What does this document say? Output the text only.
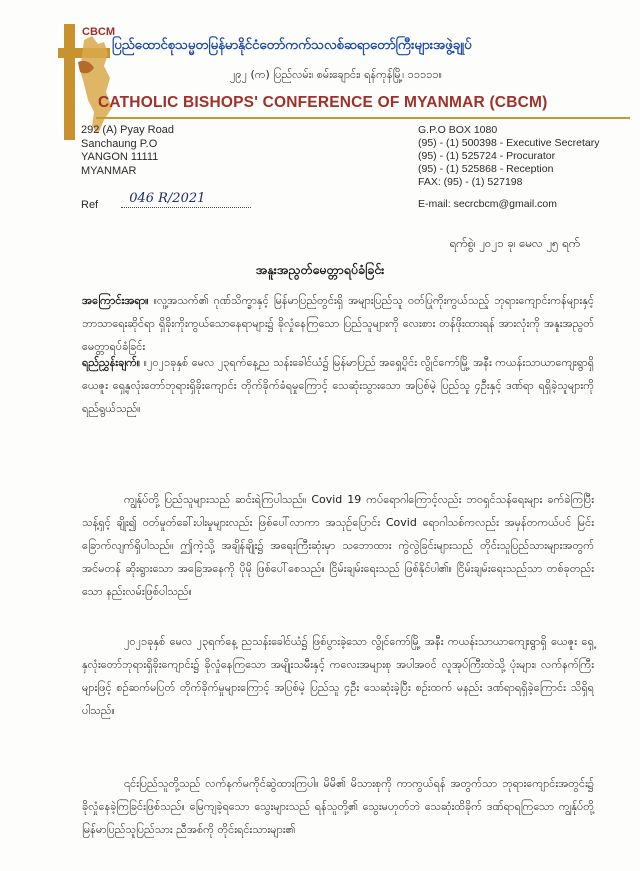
CBCM
ပြည်ထောင်စုသမ္မတမြန်မာနိုင်ငံတော်ကက်သလစ်ဆရာတော်ကြီးများအဖွဲ့ချုပ်
၂၉၂ (က) ပြည်လမ်း၊ စမ်းချောင်း၊ ရန်ကုန်မြို့၊ ၁၁၁၁၁။
CATHOLIC BISHOPS' CONFERENCE OF MYANMAR (CBCM)
292 (A) Pyay Road
Sanchaung P.O
YANGON 11111
MYANMAR
G.P.O BOX 1080
(95) - (1) 500398 - Executive Secretary
(95) - (1) 525724 - Procurator
(95) - (1) 525868 - Reception
FAX: (95) - (1) 527198
Ref 046 R/2021	E-mail: secrcbcm@gmail.com
ရက်စွဲ၊ ၂၀၂၁ ခု၊ မေလ ၂၅ ရက်
အနူးအညွတ်မေတ္တာရပ်ခံခြင်း
အကြောင်းအရာ။ ။လူ့အသက်၏ ဂုဏ်သိက္ခာနှင့် မြန်မာပြည်တွင်းရှိ အများပြည်သူ ဝတ်ပြုကိုးကွယ်သည့် ဘုရားကျောင်းကန်များနှင့် ဘာသာရေးဆိုင်ရာ ရှိခိုးကိုးကွယ်သောနေရာများ၌ ခိုလှုံနေကြသော ပြည်သူများကို လေးစား တန်ဖိုးထားရန် အားလုံးကို အနူးအညွတ် မေတ္တာရပ်ခံခြင်း
ရည်ညွှန်းချက်။ ။၂၀၂၁ခုနှစ် မေလ ၂၃ရက်နေ့ည သန်းခေါင်ယံ၌ မြန်မာပြည် အရှေ့ပိုင်း လွိုင်ကော်မြို့ အနီး ကယန်းသာယာကျေးရွာရှိ ယေဇူး ရှေ့နှလုံးတော်ဘုရားရှိခိုးကျောင်း တိုက်ခိုက်ခံရမှုကြောင့် သေဆုံးသွားသော အပြစ်မဲ့ ပြည်သူ ၄ဦးနှင့် ဒဏ်ရာ ရရှိခဲ့သူများကို ရည်ရွယ်သည်။
ကျွန်ုပ်တို့ ပြည်သူများသည် ဆင်းရဲကြပါသည်။ Covid 19 ကပ်ရောဂါကြောင့်လည်း ဘဝရှင်သန်ရေးများ ခက်ခဲကြပြီး သန့်ရှင့် ချိုး၍ ဝတ်မှုတ်ခေါ်းပါးမှုများလည်း ဖြစ်ပေါ်လာကာ အသုဉ်ပြောင်း Covid ရောဂါသစ်ကလည်း အမှန်တကယ်ပင် မြင်းခြောက်လျက်ရှိပါသည်။ ဤကဲ့သို့ အချိန်ချိုး၌ အရေးကြီးဆုံးမှာ သဘောထား ကွဲလွဲခြင်းများသည် တိုင်းသူပြည်သားများအတွက် အင်မတန် ဆိုးရွားသော အခြေအနေကို ပိုမို ဖြစ်ပေါ်စေသည်။ ငြိမ်းချမ်းရေးသည် ဖြစ်နိုင်ပါ၏။ ငြိမ်းချမ်းရေးသည်သာ တစ်ခုတည်းသော နည်းလမ်းဖြစ်ပါသည်။
၂၀၂၁ခုနှစ် မေလ ၂၃ရက်နေ့ ညသန်းခေါင်ယံ၌ ဖြစ်ပွားခဲ့သော လွိုင်ကော်မြို့ အနီး ကယန်းသာယာကျေးရွာရှိ ယေဇူး ရှေ့နှလုံးတော်ဘုရားရှိခိုးကျောင်း၌ ခိုလှုံနေကြသော အမျိုးသမီးနှင့် ကလေးအများစု အပါအဝင် လူအုပ်ကြီးထဲသို့ ပုံးများ၊ လက်နက်ကြီးများဖြင့် စဉ်ဆက်မပြတ် တိုက်ခိုက်မှုများကြောင့် အပြစ်မဲ့ ပြည်သူ ၄ဦး သေဆုံးခဲ့ပြီး စဉ်းထက် မနည်း ဒဏ်ရာရရှိခဲ့ကြောင်း သိရှိရပါသည်။
၎င်းပြည်သူတို့သည် လက်နက်မကိုင်ဆွဲထားကြပါ။ မိမိ၏ မိသားစုကို ကာကွယ်ရန် အတွက်သာ ဘုရားကျောင်းအတွင်း၌ ခိုလှုံနေခဲ့ကြခြင်းဖြစ်သည်။ မြေကျခဲ့ရသော သွေးများသည် ရန်သူတို့၏ သွေးမဟုတ်ဘဲ သေဆုံးထိခိုက် ဒဏ်ရာရကြသော ကျွန်ုပ်တို့ မြန်မာပြည်သူပြည်သား ညီအစ်ကို တိုင်းရင်းသားများ၏
